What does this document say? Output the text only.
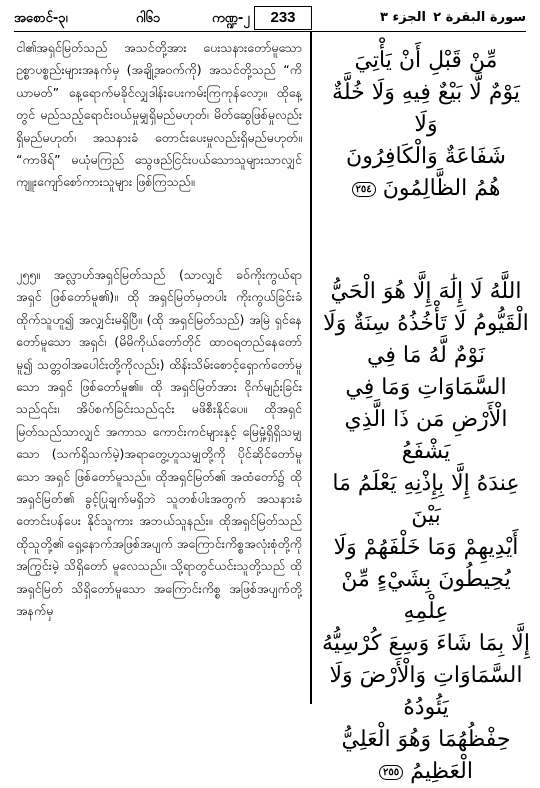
အစောင်-၃၊	ဂါ၆၁	ကဏ္ဍ-၂	233	الجزء ٣ سورة البقرة ٢

ငါ၏အရှင်မြတ်သည် အသင်တို့အား ပေးသနားတော်မူသော ဥစ္စာပစ္စည်းများအနက်မှ (အချို့အဝက်ကို) အသင်တို့သည် “ကိယာမတ်” နေ့ရောက်မခိုင်လျှဒါန်းပေးကမ်းကြကုန်လော့။ ထိုနေ့တွင် မည်သည့်ရောင်းဝယ်မှုမျှရှိမည်မဟုတ်၊ မိတ်ဆွေဖြစ်မှုလည်းရှိမည်မဟုတ်၊ အသနားခံ တောင်းပေးမှုလည်းရှိမည်မဟုတ်။ “ကာဖိရ်” မယုံမကြည် သွေဖည်ငြင်းပယ်သောသူများသာလျှင် ကျူးကျော်စော်ကားသူများ ဖြစ်ကြသည်။

၂၅၅။ အလ္လာဟ်အရှင်မြတ်သည် (သာလျှင် ခဝ်ကိုးကွယ်ရာ အရှင် ဖြစ်တော်မူ၏)။ ထို အရှင်မြတ်မှတပါး ကိုးကွယ်ခြင်းခံထိုက်သူဟူ၍ အလျှင်းမရှိပြီ။ (ထို အရှင်မြတ်သည်) အမြဲ ရှင်နေတော်မူသော အရှင်၊ (မိမိကိုယ်တော်တိုင် ထာဝရတည်နေတော်မူ၍ သတ္တဝါအပေါင်းတို့ကိုလည်း) ထိန်းသိမ်းစောင့်ရှောက်တော်မူသော အရှင် ဖြစ်တော်မူ၏။ ထို အရှင်မြတ်အား ငိုက်မျဉ်းခြင်းသည်၎င်း၊ အိပ်စက်ခြင်းသည်၎င်း မဖိစီးနိုင်ပေ။ ထိုအရှင်မြတ်သည်သာလျှင် အကာသ ကောင်းကင်များနှင့် မြေမှုံ့ရှိရှိသမျှသော (သက်ရှိသက်မဲ့)အရာတွေ့ဟူသမျှတို့ကို ပိုင်ဆိုင်တော်မူသော အရှင် ဖြစ်တော်မူသည်။ ထိုအရှင်မြတ်၏ အထံတော်၌ ထိုအရှင်မြတ်၏ ခွင့်ပြုချက်မရှိဘဲ သူတစ်ပါးအတွက် အသနားခံ တောင်းပန်ပေး နိုင်သူကား အဘယ်သူနည်း။ ထိုအရှင်မြတ်သည် ထိုသူတို့၏ ရှေ့နောက်အဖြစ်အပျက် အကြောင်းကိစ္စအလုံးစုံတို့ကို အကြွင်းမဲ့ သိရှိတော် မူလေသည်။ သို့ရာတွင်ယင်းသူတို့သည် ထိုအရှင်မြတ် သိရှိတော်မူသော အကြောင်းကိစ္စ အဖြစ်အပျက်တို့ အနက်မှ

مِّنْ قَبْلِ أَنْ يَأْتِيَ
يَوْمٌ لَّا بَيْعٌ فِيهِ وَلَا خُلَّةٌ وَلَا
شَفَاعَةٌ وَالْكَافِرُونَ
هُمُ الظَّالِمُونَ ٢٥٤
اللَّهُ لَا إِلَٰهَ إِلَّا هُوَ الْحَيُّ
الْقَيُّومُ لَا تَأْخُذُهُ سِنَةٌ وَلَا
نَوْمٌ لَّهُ مَا فِي السَّمَاوَاتِ وَمَا فِي
الْأَرْضِ مَن ذَا الَّذِي يَشْفَعُ
عِندَهُ إِلَّا بِإِذْنِهِ يَعْلَمُ مَا بَيْنَ
أَيْدِيهِمْ وَمَا خَلْفَهُمْ وَلَا
يُحِيطُونَ بِشَيْءٍ مِّنْ عِلْمِهِ
إِلَّا بِمَا شَاءَ وَسِعَ كُرْسِيُّهُ
السَّمَاوَاتِ وَالْأَرْضَ وَلَا يَئُودُهُ
حِفْظُهُمَا وَهُوَ الْعَلِيُّ
الْعَظِيمُ ٢٥٥
